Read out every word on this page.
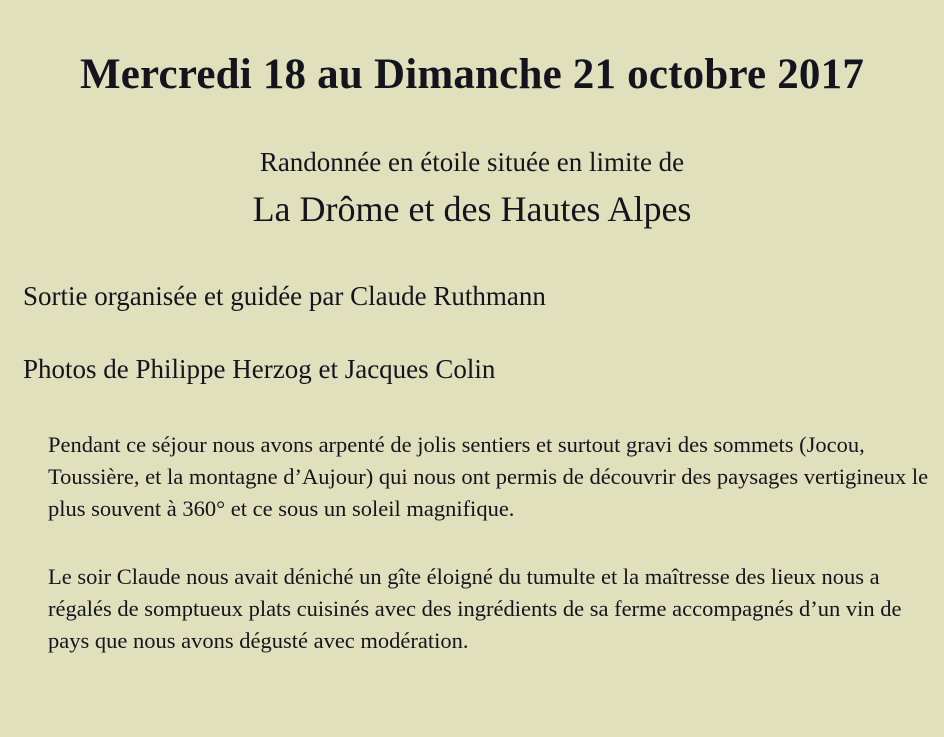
Mercredi 18 au Dimanche 21 octobre 2017
Randonnée en étoile située en limite de
La Drôme et des Hautes Alpes
Sortie organisée et guidée par Claude Ruthmann
Photos de Philippe Herzog et Jacques Colin

Pendant ce séjour nous avons arpenté de jolis sentiers et surtout gravi des sommets (Jocou, Toussière, et la montagne d’Aujour) qui nous ont permis de découvrir des paysages vertigineux le plus souvent à 360° et ce sous un soleil magnifique.

Le soir Claude nous avait déniché un gîte éloigné du tumulte et la maîtresse des lieux nous a régalés de somptueux plats cuisinés avec des ingrédients de sa ferme accompagnés d’un vin de pays que nous avons dégusté avec modération.
